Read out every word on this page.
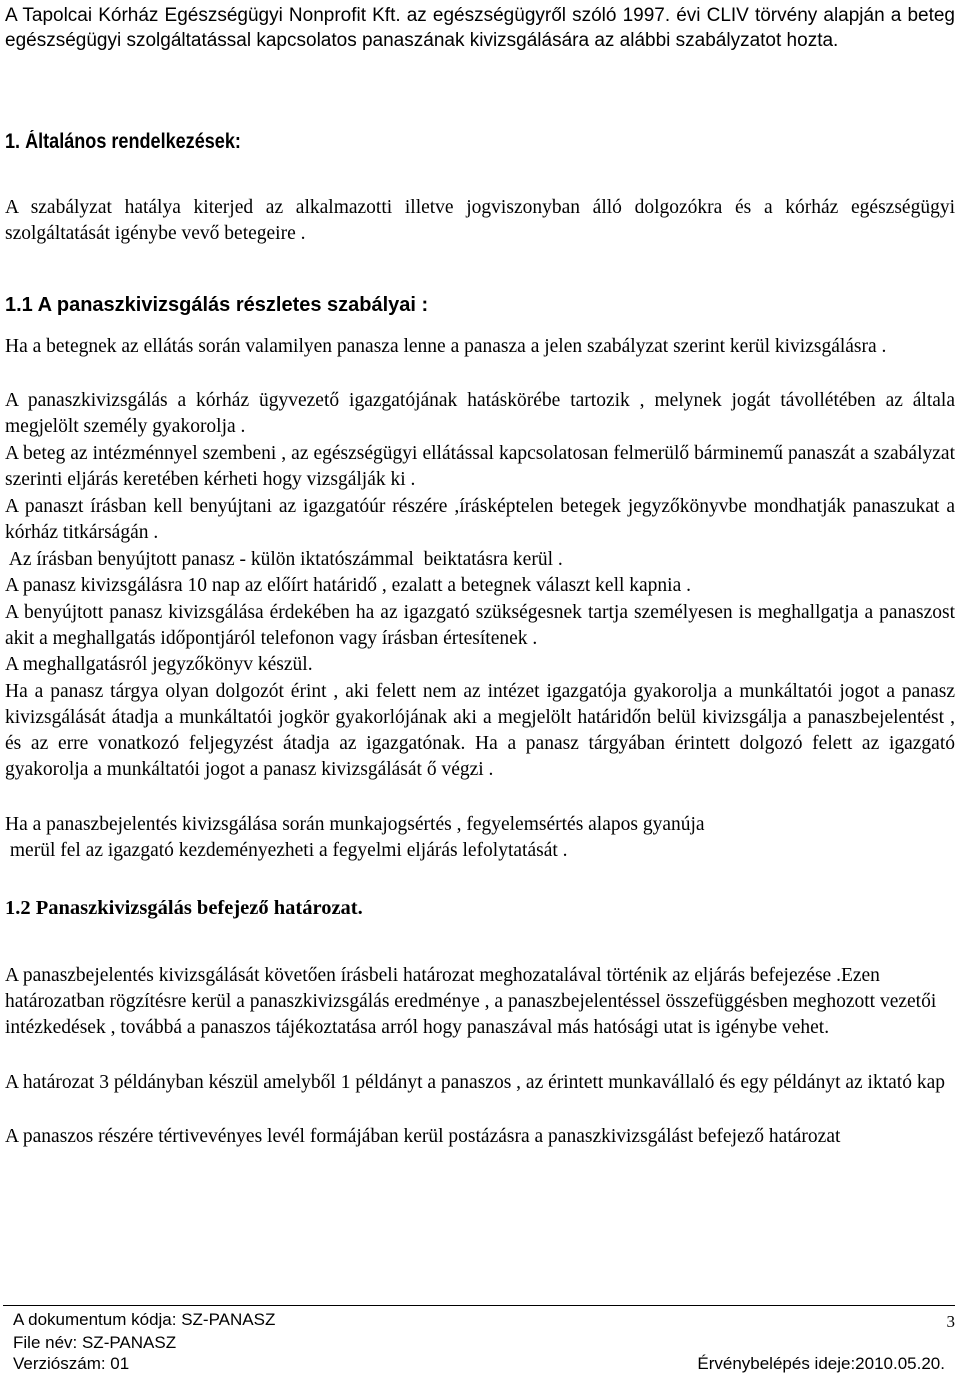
A Tapolcai Kórház Egészségügyi Nonprofit Kft. az egészségügyről szóló 1997. évi CLIV törvény alapján a beteg egészségügyi szolgáltatással kapcsolatos panaszának kivizsgálására az alábbi szabályzatot hozta.
1. Általános rendelkezések:
A szabályzat hatálya kiterjed az alkalmazotti illetve jogviszonyban álló dolgozókra és a kórház egészségügyi szolgáltatását igénybe vevő betegeire .
1.1 A panaszkivizsgálás részletes szabályai :
Ha a betegnek az ellátás során valamilyen panasza lenne a panasza a jelen szabályzat szerint kerül kivizsgálásra .
A panaszkivizsgálás a kórház ügyvezető igazgatójának hatáskörébe tartozik , melynek jogát távollétében az általa megjelölt személy gyakorolja .
A beteg az intézménnyel szembeni , az egészségügyi ellátással kapcsolatosan felmerülő bárminemű panaszát a szabályzat szerinti eljárás keretében kérheti hogy vizsgálják ki .
A panaszt írásban kell benyújtani az igazgatóúr részére ,írásképtelen betegek jegyzőkönyvbe mondhatják panaszukat a kórház titkárságán .
Az írásban benyújtott panasz - külön iktatószámmal  beiktatásra kerül .
A panasz kivizsgálásra 10 nap az előírt határidő , ezalatt a betegnek választ kell kapnia .
A benyújtott panasz kivizsgálása érdekében ha az igazgató szükségesnek tartja személyesen is meghallgatja a panaszost akit a meghallgatás időpontjáról telefonon vagy írásban értesítenek .
A meghallgatásról jegyzőkönyv készül.
Ha a panasz tárgya olyan dolgozót érint , aki felett nem az intézet igazgatója gyakorolja a munkáltatói jogot a panasz kivizsgálását átadja a munkáltatói jogkör gyakorlójának aki a megjelölt határidőn belül kivizsgálja a panaszbejelentést , és az erre vonatkozó feljegyzést átadja az igazgatónak. Ha a panasz tárgyában érintett dolgozó felett az igazgató gyakorolja a munkáltatói jogot a panasz kivizsgálását ő végzi .
Ha a panaszbejelentés kivizsgálása során munkajogsértés , fegyelemsértés alapos gyanúja
merül fel az igazgató kezdeményezheti a fegyelmi eljárás lefolytatását .
1.2 Panaszkivizsgálás befejező határozat.
A panaszbejelentés kivizsgálását követően írásbeli határozat meghozatalával történik az eljárás befejezése .Ezen határozatban rögzítésre kerül a panaszkivizsgálás eredménye , a panaszbejelentéssel összefüggésben meghozott vezetői intézkedések , továbbá a panaszos tájékoztatása arról hogy panaszával más hatósági utat is igénybe vehet.
A határozat 3 példányban készül amelyből 1 példányt a panaszos , az érintett munkavállaló és egy példányt az iktató kap
A panaszos részére tértivevényes levél formájában kerül postázásra a panaszkivizsgálást befejező határozat
A dokumentum kódja: SZ-PANASZ
File név: SZ-PANASZ
Verziószám: 01	Érvénybelépés ideje:2010.05.20.
3
